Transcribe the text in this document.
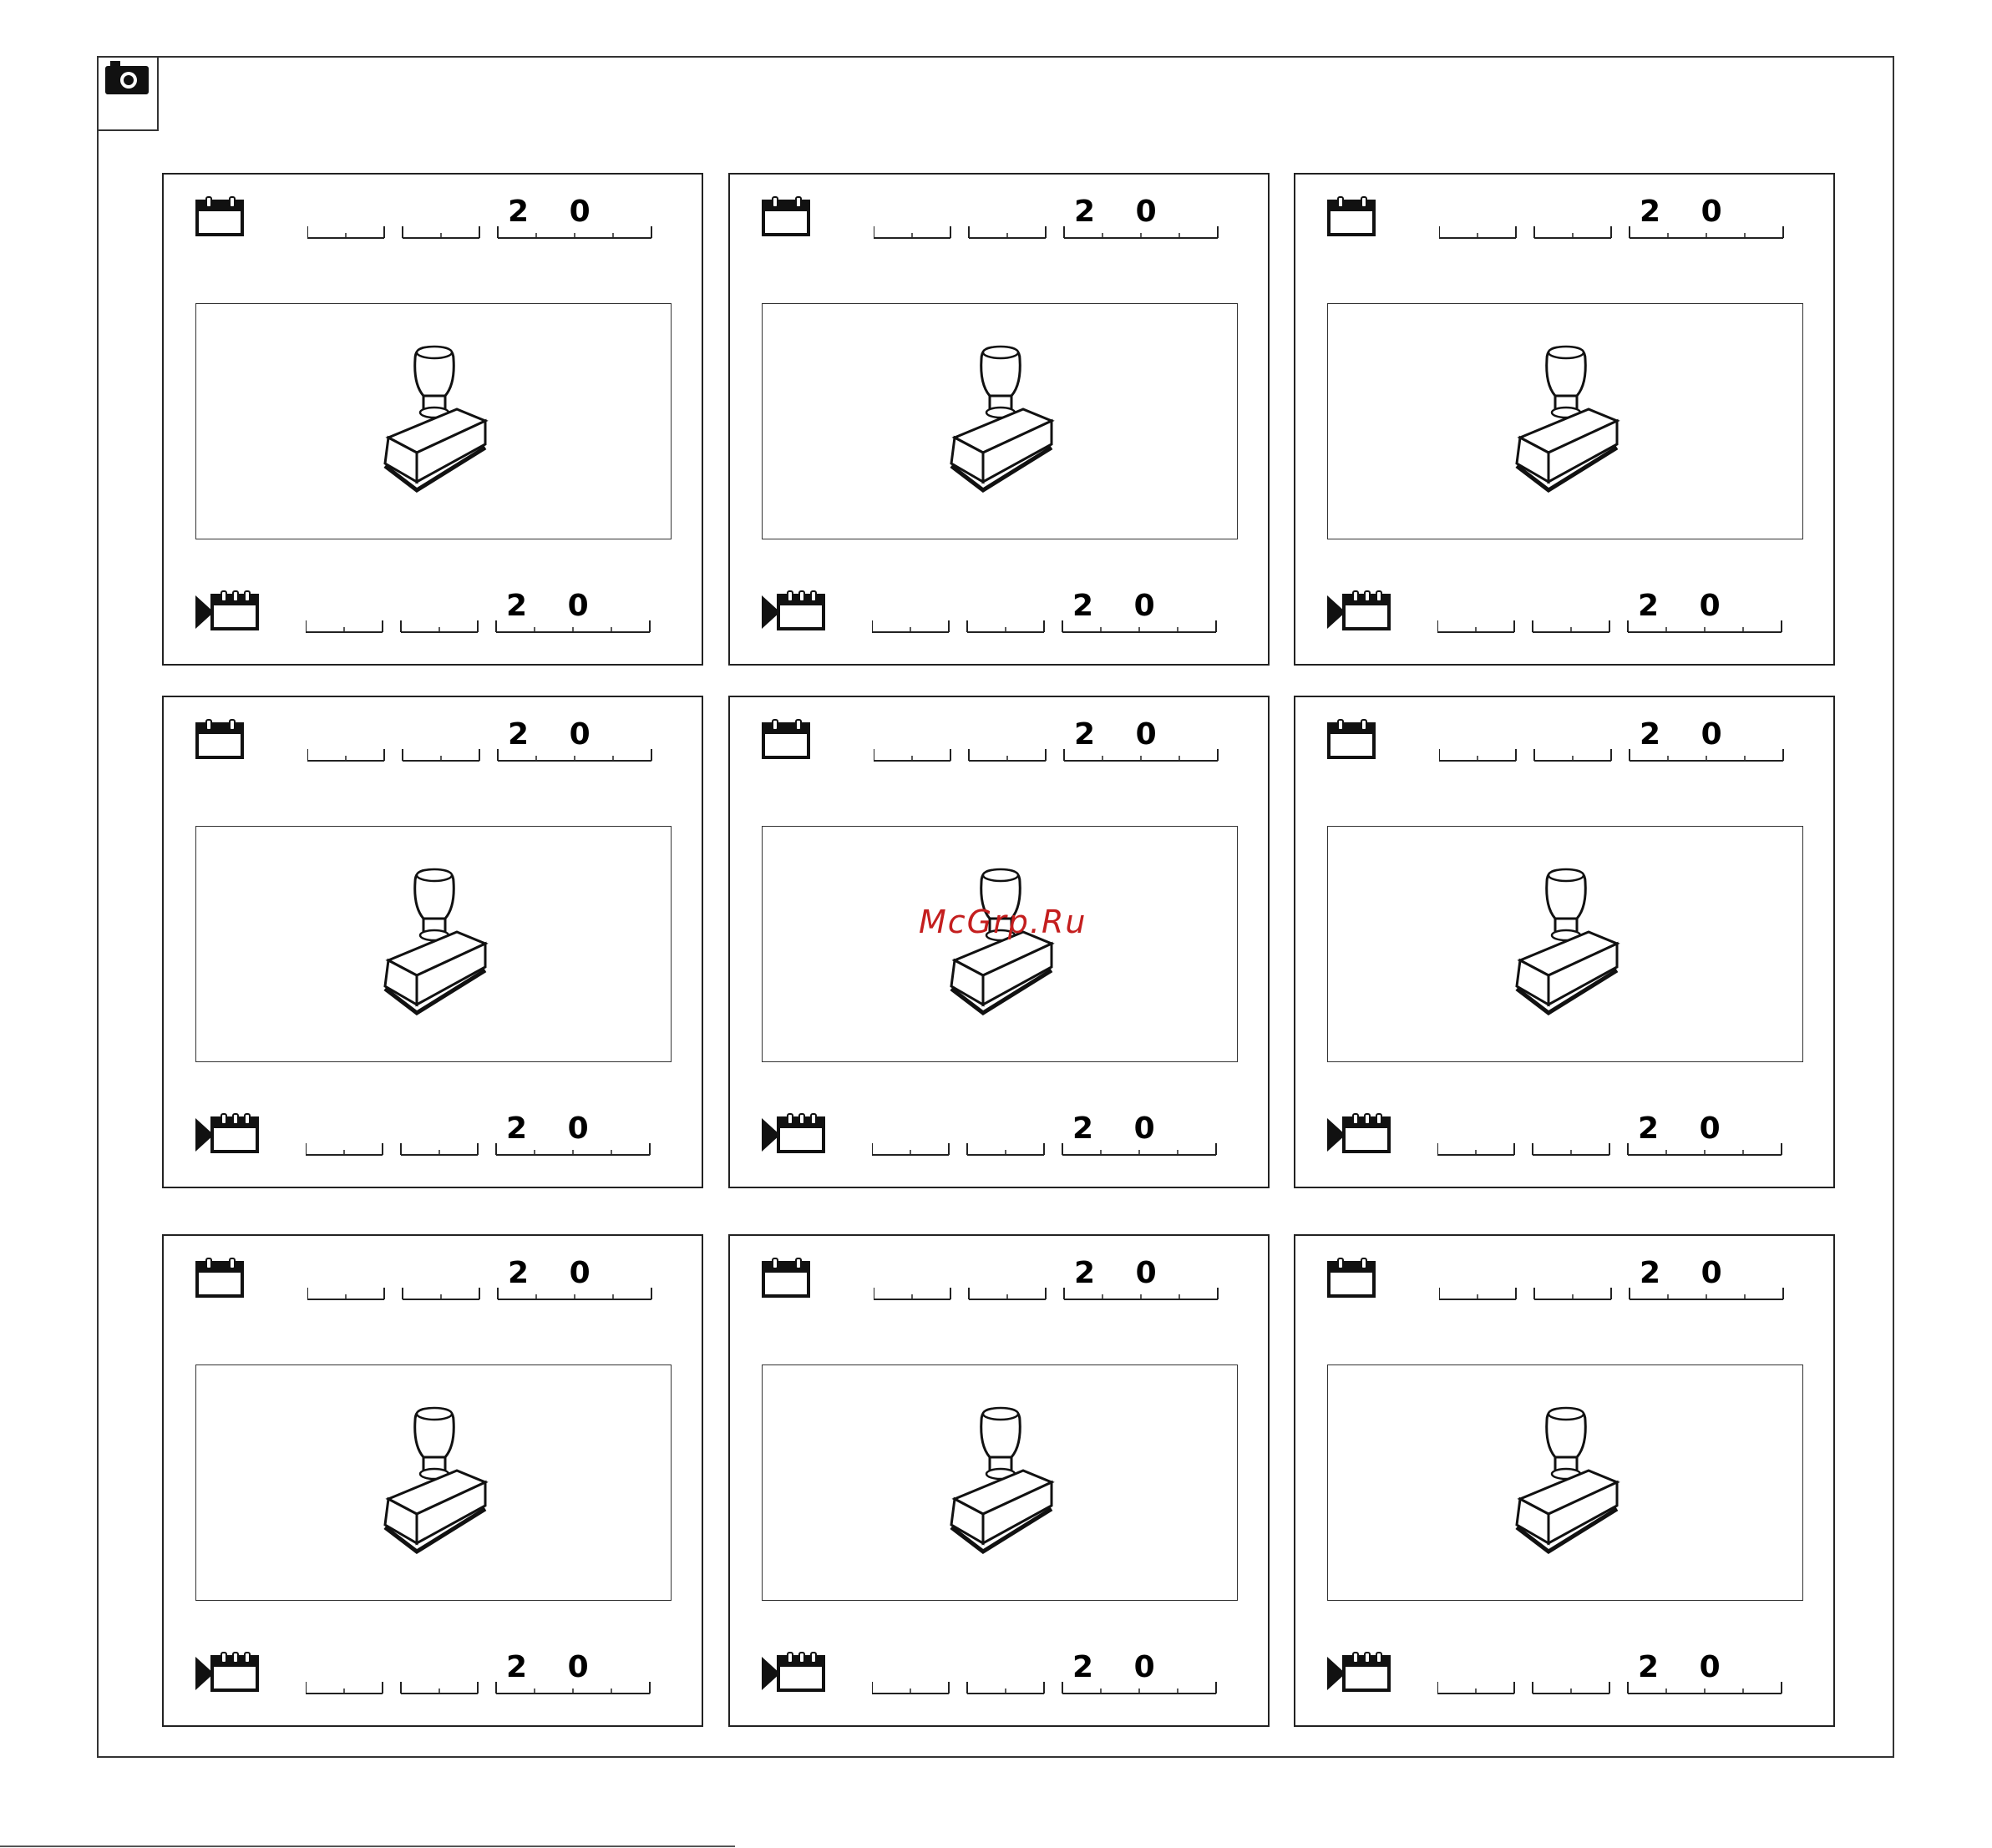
2 0
2 0
2 0
2 0
2 0
2 0
2 0
2 0
2 0
2 0
2 0
2 0
2 0
2 0
2 0
2 0
2 0
2 0
McGrp.Ru
